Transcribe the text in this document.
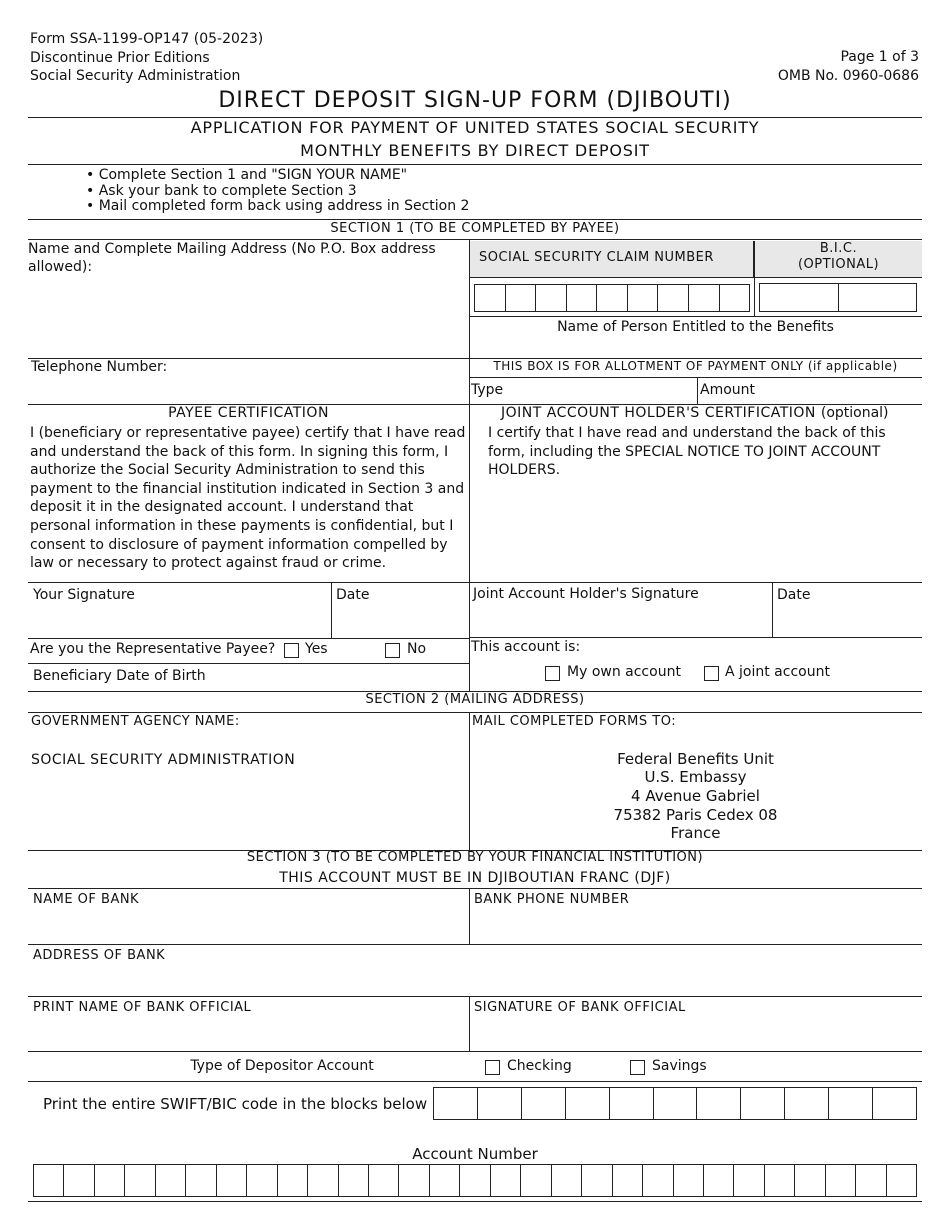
Form SSA-1199-OP147 (05-2023)
Discontinue Prior Editions
Social Security Administration
Page 1 of 3
OMB No. 0960-0686
DIRECT DEPOSIT SIGN-UP FORM (DJIBOUTI)
APPLICATION FOR PAYMENT OF UNITED STATES SOCIAL SECURITY
MONTHLY BENEFITS BY DIRECT DEPOSIT
• Complete Section 1 and "SIGN YOUR NAME"
• Ask your bank to complete Section 3
• Mail completed form back using address in Section 2
SECTION 1 (TO BE COMPLETED BY PAYEE)
Name and Complete Mailing Address (No P.O. Box address allowed):
SOCIAL SECURITY CLAIM NUMBER
B.I.C.
(OPTIONAL)
Name of Person Entitled to the Benefits
Telephone Number:	THIS BOX IS FOR ALLOTMENT OF PAYMENT ONLY (if applicable)
Type	Amount
PAYEE CERTIFICATION
I (beneficiary or representative payee) certify that I have read and understand the back of this form. In signing this form, I authorize the Social Security Administration to send this payment to the financial institution indicated in Section 3 and deposit it in the designated account. I understand that personal information in these payments is confidential, but I consent to disclosure of payment information compelled by law or necessary to protect against fraud or crime.
JOINT ACCOUNT HOLDER'S CERTIFICATION (optional)
I certify that I have read and understand the back of this form, including the SPECIAL NOTICE TO JOINT ACCOUNT HOLDERS.
Your Signature	Date	Joint Account Holder's Signature	Date
Are you the Representative Payee? Yes	No
Beneficiary Date of Birth
This account is:
My own account	A joint account
SECTION 2 (MAILING ADDRESS)
GOVERNMENT AGENCY NAME:
SOCIAL SECURITY ADMINISTRATION
MAIL COMPLETED FORMS TO:
Federal Benefits Unit
U.S. Embassy
4 Avenue Gabriel
75382 Paris Cedex 08
France
SECTION 3 (TO BE COMPLETED BY YOUR FINANCIAL INSTITUTION)
THIS ACCOUNT MUST BE IN DJIBOUTIAN FRANC (DJF)
NAME OF BANK	BANK PHONE NUMBER
ADDRESS OF BANK
PRINT NAME OF BANK OFFICIAL	SIGNATURE OF BANK OFFICIAL
Type of Depositor Account	Checking	Savings
Print the entire SWIFT/BIC code in the blocks below
Account Number
